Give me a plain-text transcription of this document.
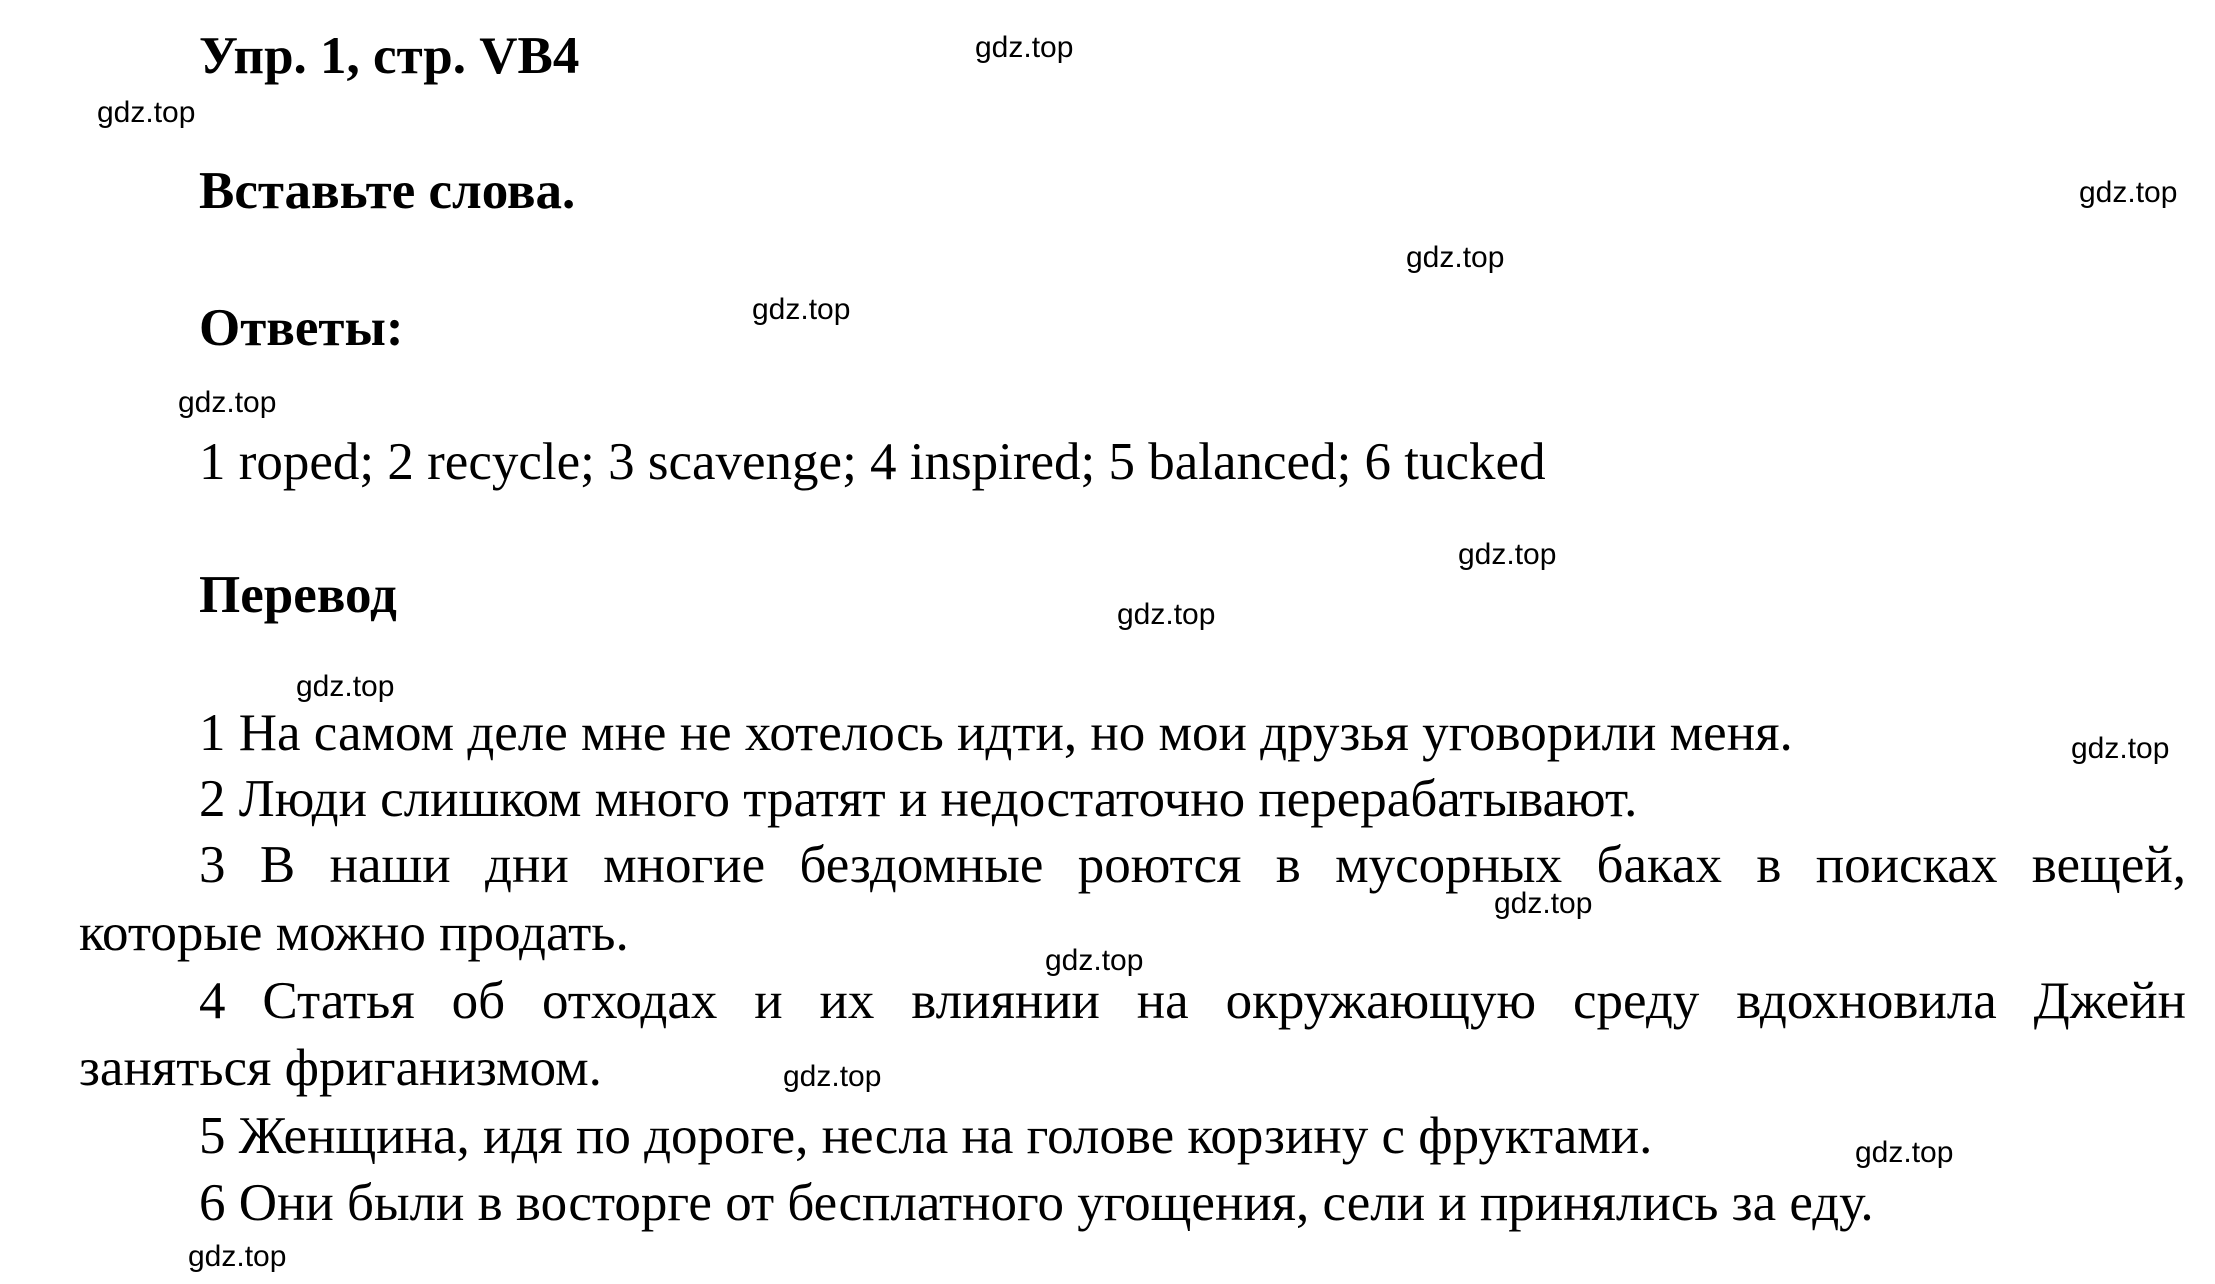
Упр. 1, стр. VB4
Вставьте слова.
Ответы:
1 roped; 2 recycle; 3 scavenge; 4 inspired; 5 balanced; 6 tucked
Перевод
1 На самом деле мне не хотелось идти, но мои друзья уговорили меня.
2 Люди слишком много тратят и недостаточно перерабатывают.
3 В наши дни многие бездомные роются в мусорных баках в поисках вещей,
которые можно продать.
4 Статья об отходах и их влиянии на окружающую среду вдохновила Джейн
заняться фриганизмом.
5 Женщина, идя по дороге, несла на голове корзину с фруктами.
6 Они были в восторге от бесплатного угощения, сели и принялись за еду.
gdz.top
gdz.top
gdz.top
gdz.top
gdz.top
gdz.top
gdz.top
gdz.top
gdz.top
gdz.top
gdz.top
gdz.top
gdz.top
gdz.top
gdz.top
